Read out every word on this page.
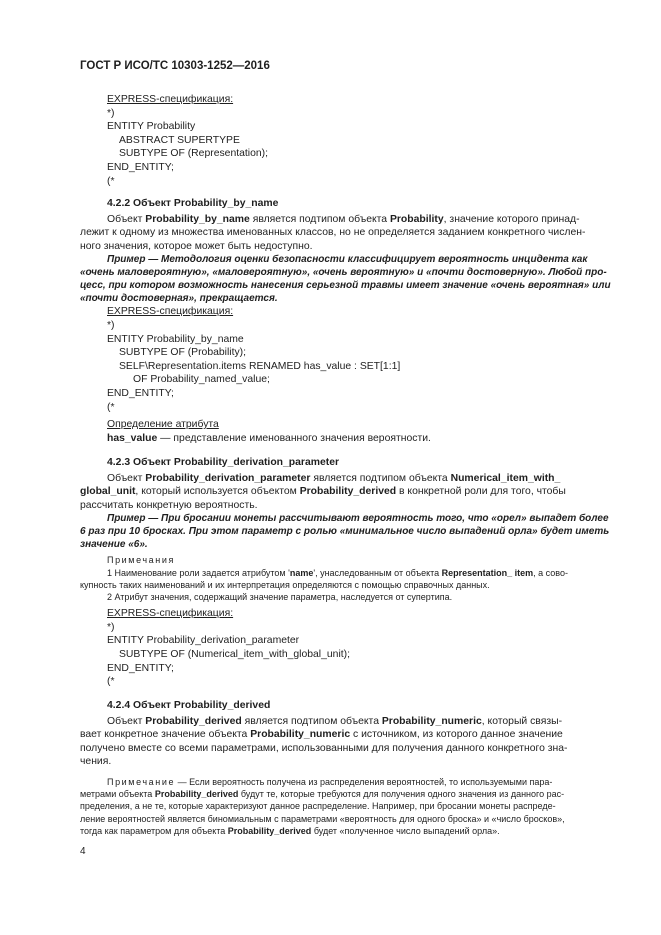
ГОСТ Р ИСО/ТС 10303-1252—2016
EXPRESS-спецификация:
*)
ENTITY Probability
ABSTRACT SUPERTYPE
SUBTYPE OF (Representation);
END_ENTITY;
(*
4.2.2 Объект Probability_by_name
Объект Probability_by_name является подтипом объекта Probability, значение которого принад-
лежит к одному из множества именованных классов, но не определяется заданием конкретного числен-
ного значения, которое может быть недоступно.
Пример — Методология оценки безопасности классифицирует вероятность инцидента как
«очень маловероятную», «маловероятную», «очень вероятную» и «почти достоверную». Любой про-
цесс, при котором возможность нанесения серьезной травмы имеет значение «очень вероятная» или
«почти достоверная», прекращается.
EXPRESS-спецификация:
*)
ENTITY Probability_by_name
SUBTYPE OF (Probability);
SELF\Representation.items RENAMED has_value : SET[1:1]
OF Probability_named_value;
END_ENTITY;
(*
Определение атрибута
has_value — представление именованного значения вероятности.
4.2.3 Объект Probability_derivation_parameter
Объект Probability_derivation_parameter является подтипом объекта Numerical_item_with_
global_unit, который используется объектом Probability_derived в конкретной роли для того, чтобы
рассчитать конкретную вероятность.
Пример — При бросании монеты рассчитывают вероятность того, что «орел» выпадет более
6 раз при 10 бросках. При этом параметр с ролью «минимальное число выпадений орла» будет иметь
значение «6».
Примечания
1 Наименование роли задается атрибутом 'name', унаследованным от объекта Representation_ item, а сово-
купность таких наименований и их интерпретация определяются с помощью справочных данных.
2 Атрибут значения, содержащий значение параметра, наследуется от супертипа.
EXPRESS-спецификация:
*)
ENTITY Probability_derivation_parameter
SUBTYPE OF (Numerical_item_with_global_unit);
END_ENTITY;
(*
4.2.4 Объект Probability_derived
Объект Probability_derived является подтипом объекта Probability_numeric, который связы-
вает конкретное значение объекта Probability_numeric с источником, из которого данное значение
получено вместе со всеми параметрами, использованными для получения данного конкретного зна-
чения.
Примечание — Если вероятность получена из распределения вероятностей, то используемыми пара-
метрами объекта Probability_derived будут те, которые требуются для получения одного значения из данного рас-
пределения, а не те, которые характеризуют данное распределение. Например, при бросании монеты распреде-
ление вероятностей является биномиальным с параметрами «вероятность для одного броска» и «число бросков»,
тогда как параметром для объекта Probability_derived будет «полученное число выпадений орла».
4
